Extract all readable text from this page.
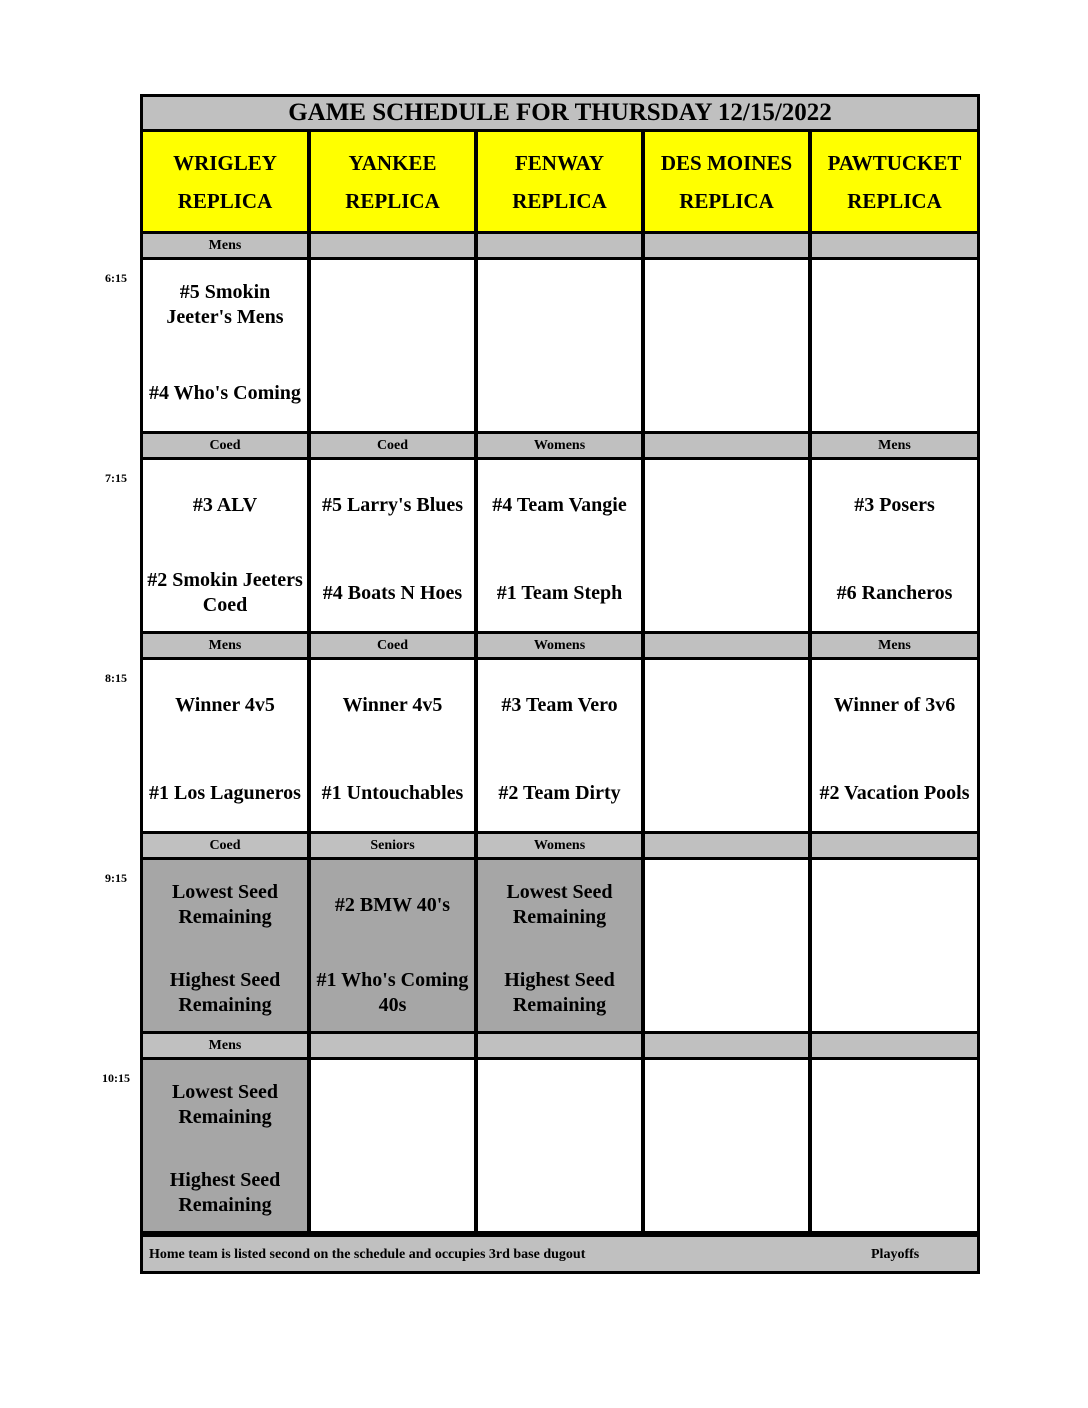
GAME SCHEDULE FOR THURSDAY 12/15/2022
WRIGLEY
REPLICA
YANKEE
REPLICA
FENWAY
REPLICA
DES MOINES
REPLICA
PAWTUCKET
REPLICA
Mens
#5 Smokin Jeeter's Mens
#4 Who's Coming
Coed
#3 ALV
#2 Smokin Jeeters Coed
Coed
#5 Larry's Blues
#4 Boats N Hoes
Womens
#4 Team Vangie
#1 Team Steph
Mens
#3 Posers
#6 Rancheros
Mens
Winner 4v5
#1 Los Laguneros
Coed
Winner 4v5
#1 Untouchables
Womens
#3 Team Vero
#2 Team Dirty
Mens
Winner of 3v6
#2 Vacation Pools
Coed
Lowest Seed Remaining
Highest Seed Remaining
Seniors
#2 BMW 40's
#1 Who's Coming 40s
Womens
Lowest Seed Remaining
Highest Seed Remaining
Mens
Lowest Seed Remaining
Highest Seed Remaining
Home team is listed second on the schedule and occupies 3rd base dugout	Playoffs
6:15
7:15
8:15
9:15
10:15
